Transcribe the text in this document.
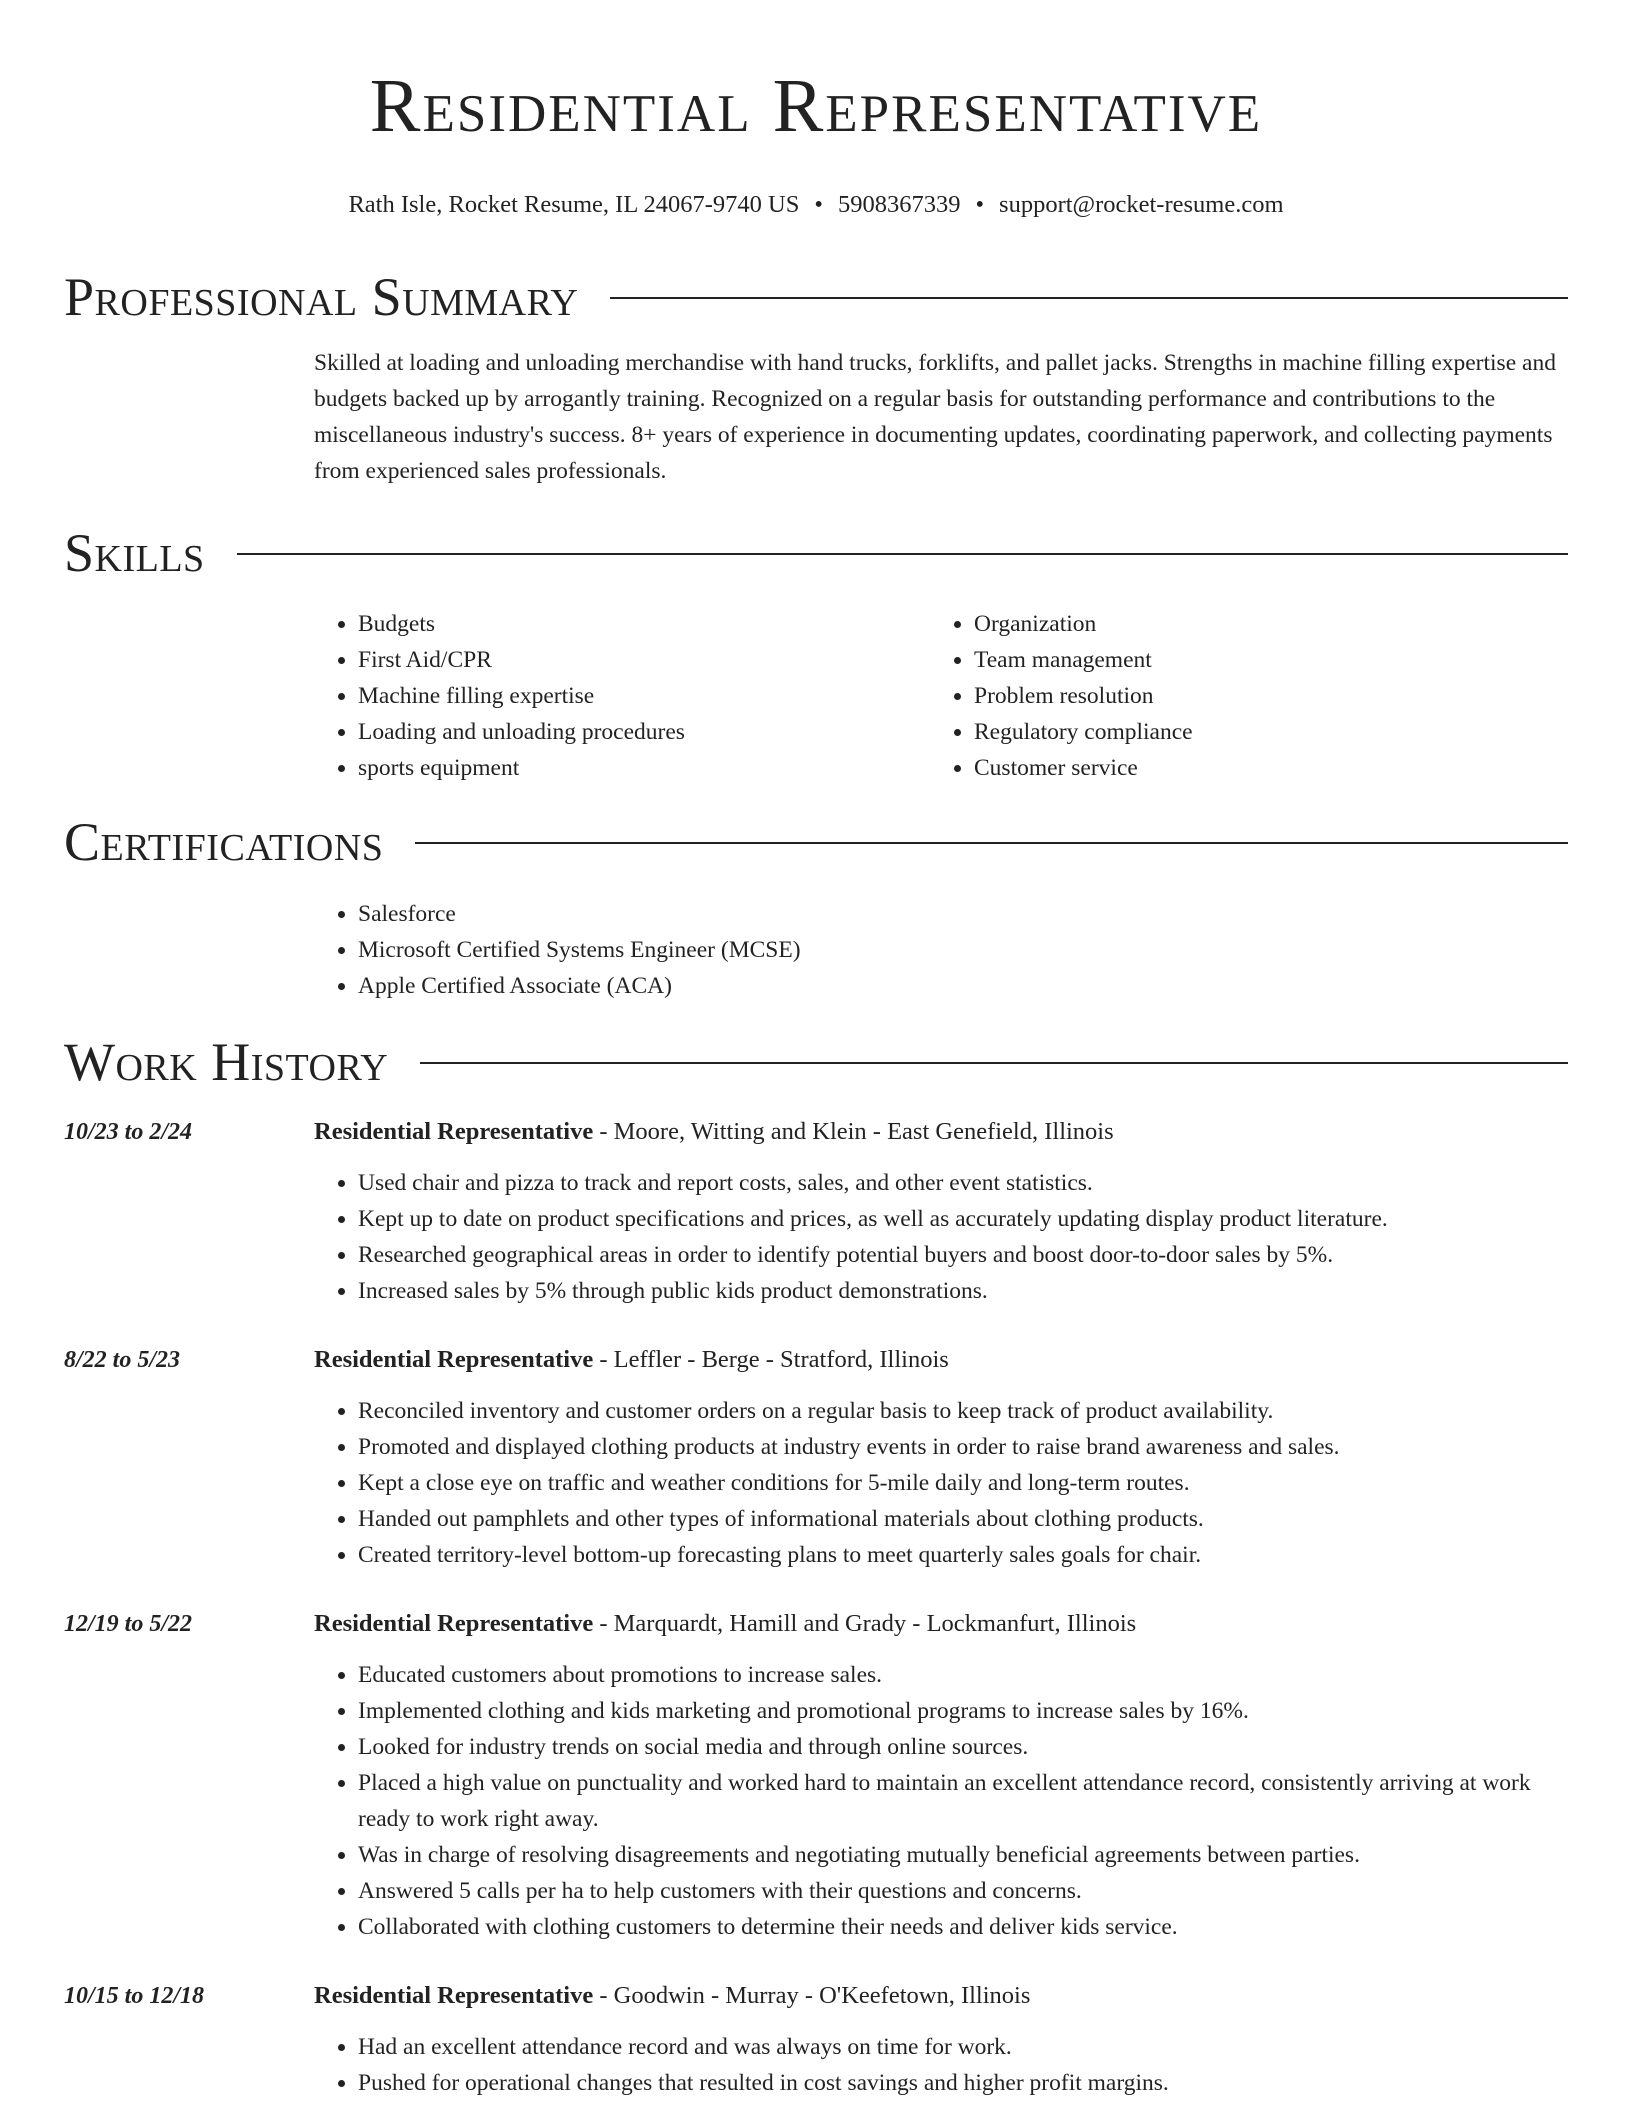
Residential Representative
Rath Isle, Rocket Resume, IL 24067-9740 US • 5908367339 • support@rocket-resume.com
Professional Summary
Skilled at loading and unloading merchandise with hand trucks, forklifts, and pallet jacks. Strengths in machine filling expertise and budgets backed up by arrogantly training. Recognized on a regular basis for outstanding performance and contributions to the miscellaneous industry's success. 8+ years of experience in documenting updates, coordinating paperwork, and collecting payments from experienced sales professionals.
Skills
• Budgets
• First Aid/CPR
• Machine filling expertise
• Loading and unloading procedures
• sports equipment
• Organization
• Team management
• Problem resolution
• Regulatory compliance
• Customer service
Certifications
• Salesforce
• Microsoft Certified Systems Engineer (MCSE)
• Apple Certified Associate (ACA)
Work History
10/23 to 2/24	Residential Representative - Moore, Witting and Klein - East Genefield, Illinois
• Used chair and pizza to track and report costs, sales, and other event statistics.
• Kept up to date on product specifications and prices, as well as accurately updating display product literature.
• Researched geographical areas in order to identify potential buyers and boost door-to-door sales by 5%.
• Increased sales by 5% through public kids product demonstrations.
8/22 to 5/23	Residential Representative - Leffler - Berge - Stratford, Illinois
• Reconciled inventory and customer orders on a regular basis to keep track of product availability.
• Promoted and displayed clothing products at industry events in order to raise brand awareness and sales.
• Kept a close eye on traffic and weather conditions for 5-mile daily and long-term routes.
• Handed out pamphlets and other types of informational materials about clothing products.
• Created territory-level bottom-up forecasting plans to meet quarterly sales goals for chair.
12/19 to 5/22	Residential Representative - Marquardt, Hamill and Grady - Lockmanfurt, Illinois
• Educated customers about promotions to increase sales.
• Implemented clothing and kids marketing and promotional programs to increase sales by 16%.
• Looked for industry trends on social media and through online sources.
• Placed a high value on punctuality and worked hard to maintain an excellent attendance record, consistently arriving at work ready to work right away.
• Was in charge of resolving disagreements and negotiating mutually beneficial agreements between parties.
• Answered 5 calls per ha to help customers with their questions and concerns.
• Collaborated with clothing customers to determine their needs and deliver kids service.
10/15 to 12/18	Residential Representative - Goodwin - Murray - O'Keefetown, Illinois
• Had an excellent attendance record and was always on time for work.
• Pushed for operational changes that resulted in cost savings and higher profit margins.
